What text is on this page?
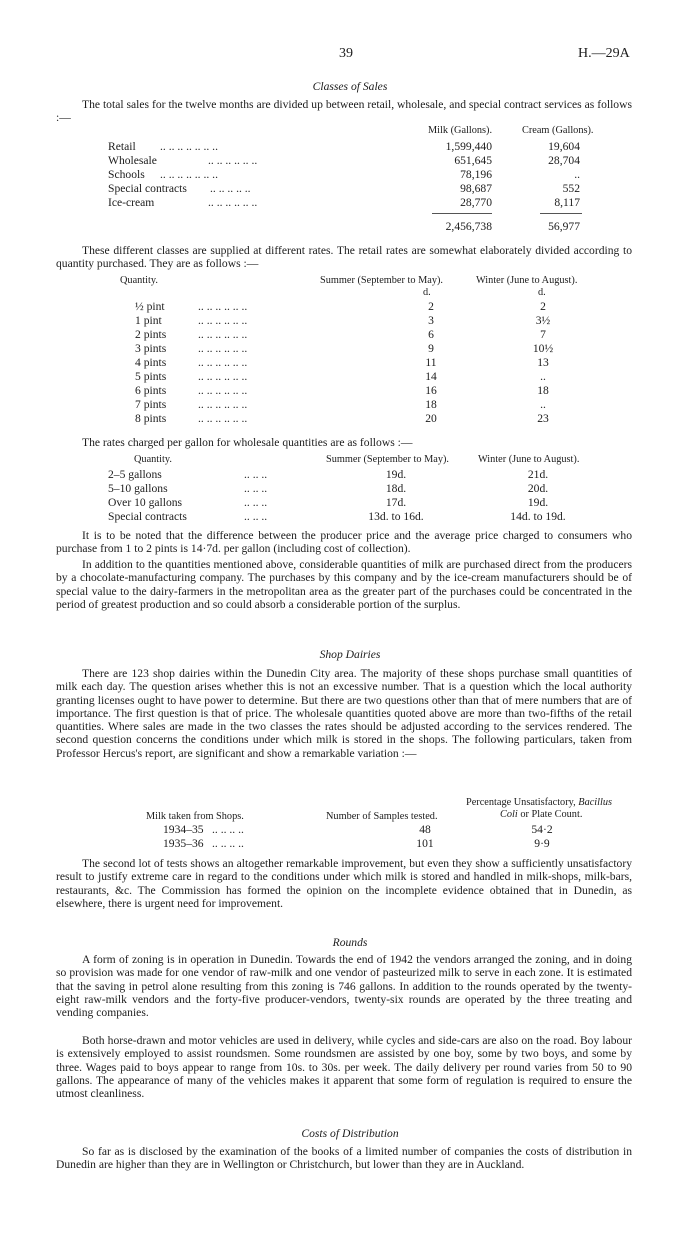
39	H.—29A
Classes of Sales
The total sales for the twelve months are divided up between retail, wholesale, and special contract services as follows :—
Milk (Gallons).	Cream (Gallons).
Retail .. .. .. .. .. .. ..	1,599,440	19,604
Wholesale	.. .. .. .. .. ..	651,645	28,704
Schools .. .. .. .. .. .. ..	78,196	..
Special contracts .. .. .. .. ..	98,687	552
Ice-cream	.. .. .. .. .. ..	28,770	8,117
2,456,738	56,977
These different classes are supplied at different rates. The retail rates are somewhat elaborately divided according to quantity purchased. They are as follows :—
Quantity.	Summer (September to May).	Winter (June to August).
d.	d.
½ pint	.. .. .. .. .. ..	2	2
1 pint	.. .. .. .. .. ..	3	3½
2 pints	.. .. .. .. .. ..	6	7
3 pints	.. .. .. .. .. ..	9	10½
4 pints	.. .. .. .. .. ..	11	13
5 pints	.. .. .. .. .. ..	14	..
6 pints	.. .. .. .. .. ..	16	18
7 pints	.. .. .. .. .. ..	18	..
8 pints	.. .. .. .. .. ..	20	23
The rates charged per gallon for wholesale quantities are as follows :—
Quantity.	Summer (September to May).	Winter (June to August).
2–5 gallons	.. .. ..	19d.	21d.
5–10 gallons	.. .. ..	18d.	20d.
Over 10 gallons	.. .. ..	17d.	19d.
Special contracts	.. .. ..	13d. to 16d.	14d. to 19d.
It is to be noted that the difference between the producer price and the average price charged to consumers who purchase from 1 to 2 pints is 14·7d. per gallon (including cost of collection).
In addition to the quantities mentioned above, considerable quantities of milk are purchased direct from the producers by a chocolate-manufacturing company. The purchases by this company and by the ice-cream manufacturers should be of special value to the dairy-farmers in the metropolitan area as the greater part of the purchases could be concentrated in the period of greatest production and so could absorb a considerable portion of the surplus.
Shop Dairies
There are 123 shop dairies within the Dunedin City area. The majority of these shops purchase small quantities of milk each day. The question arises whether this is not an excessive number. That is a question which the local authority granting licenses ought to have power to determine. But there are two questions other than that of mere numbers that are of importance. The first question is that of price. The wholesale quantities quoted above are more than two-fifths of the retail quantities. Where sales are made in the two classes the rates should be adjusted according to the services rendered. The second question concerns the conditions under which milk is stored in the shops. The following particulars, taken from Professor Hercus's report, are significant and show a remarkable variation :—
Percentage Unsatisfactory, Bacillus
Milk taken from Shops.	Number of Samples tested.	Coli or Plate Count.
1934–35 .. .. .. ..	48	54·2
1935–36 .. .. .. ..	101	9·9
The second lot of tests shows an altogether remarkable improvement, but even they show a sufficiently unsatisfactory result to justify extreme care in regard to the conditions under which milk is stored and handled in milk-shops, milk-bars, restaurants, &c. The Commission has formed the opinion on the incomplete evidence obtained that in Dunedin, as elsewhere, there is urgent need for improvement.
Rounds
A form of zoning is in operation in Dunedin. Towards the end of 1942 the vendors arranged the zoning, and in doing so provision was made for one vendor of raw-milk and one vendor of pasteurized milk to serve in each zone. It is estimated that the saving in petrol alone resulting from this zoning is 746 gallons. In addition to the rounds operated by the twenty-eight raw-milk vendors and the forty-five producer-vendors, twenty-six rounds are operated by the three treating and vending companies.
Both horse-drawn and motor vehicles are used in delivery, while cycles and side-cars are also on the road. Boy labour is extensively employed to assist roundsmen. Some roundsmen are assisted by one boy, some by two boys, and some by three. Wages paid to boys appear to range from 10s. to 30s. per week. The daily delivery per round varies from 50 to 90 gallons. The appearance of many of the vehicles makes it apparent that some form of regulation is required to ensure the utmost cleanliness.
Costs of Distribution
So far as is disclosed by the examination of the books of a limited number of companies the costs of distribution in Dunedin are higher than they are in Wellington or Christchurch, but lower than they are in Auckland.
